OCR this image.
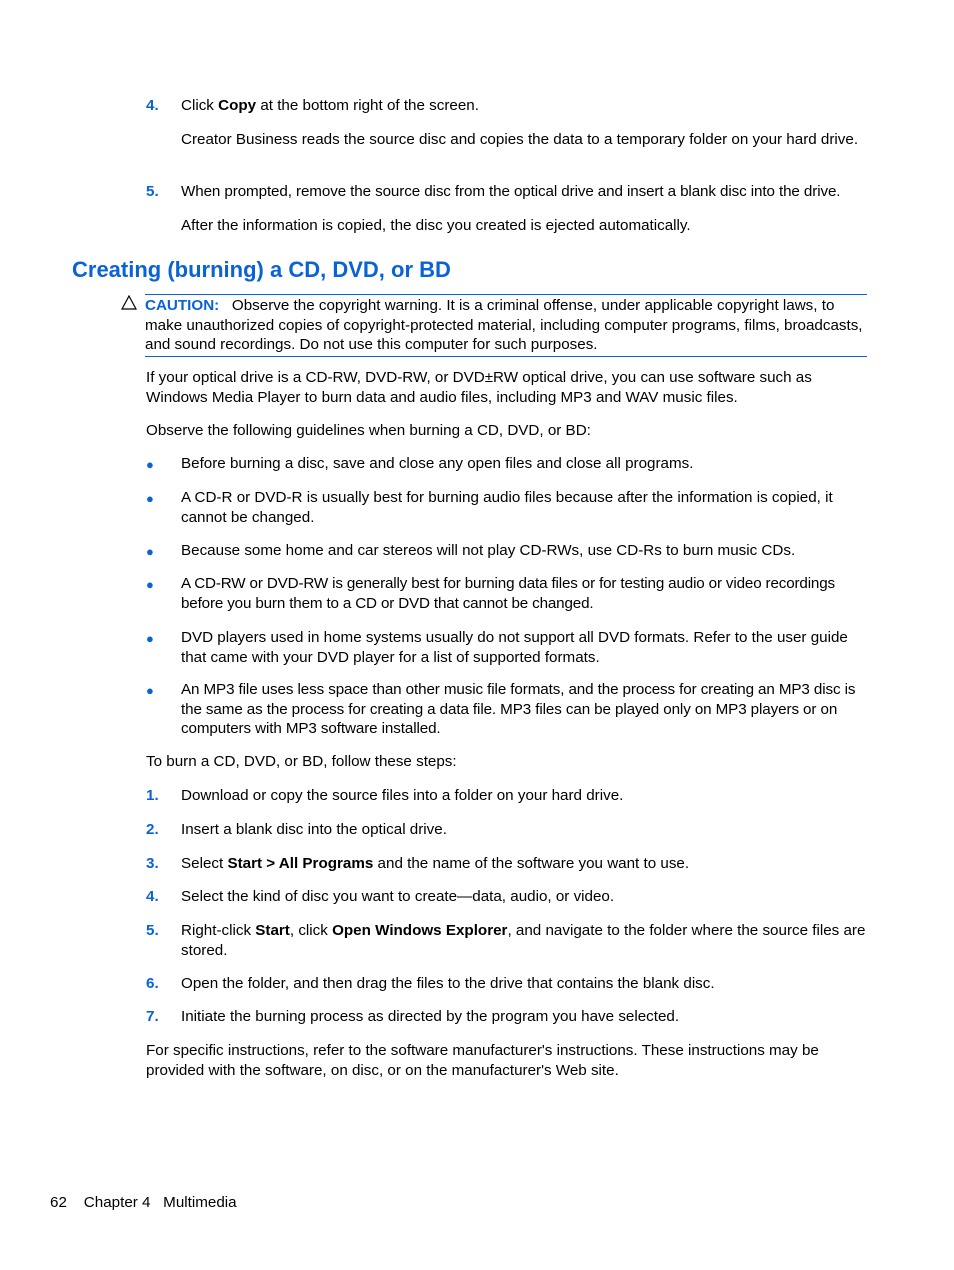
4. Click Copy at the bottom right of the screen.
Creator Business reads the source disc and copies the data to a temporary folder on your hard drive.
5. When prompted, remove the source disc from the optical drive and insert a blank disc into the drive.
After the information is copied, the disc you created is ejected automatically.
Creating (burning) a CD, DVD, or BD
CAUTION: Observe the copyright warning. It is a criminal offense, under applicable copyright laws, to make unauthorized copies of copyright-protected material, including computer programs, films, broadcasts, and sound recordings. Do not use this computer for such purposes.
If your optical drive is a CD-RW, DVD-RW, or DVD±RW optical drive, you can use software such as Windows Media Player to burn data and audio files, including MP3 and WAV music files.
Observe the following guidelines when burning a CD, DVD, or BD:
● Before burning a disc, save and close any open files and close all programs.
● A CD-R or DVD-R is usually best for burning audio files because after the information is copied, it cannot be changed.
● Because some home and car stereos will not play CD-RWs, use CD-Rs to burn music CDs.
● A CD-RW or DVD-RW is generally best for burning data files or for testing audio or video recordings before you burn them to a CD or DVD that cannot be changed.
● DVD players used in home systems usually do not support all DVD formats. Refer to the user guide that came with your DVD player for a list of supported formats.
● An MP3 file uses less space than other music file formats, and the process for creating an MP3 disc is the same as the process for creating a data file. MP3 files can be played only on MP3 players or on computers with MP3 software installed.
To burn a CD, DVD, or BD, follow these steps:
1. Download or copy the source files into a folder on your hard drive.
2. Insert a blank disc into the optical drive.
3. Select Start > All Programs and the name of the software you want to use.
4. Select the kind of disc you want to create—data, audio, or video.
5. Right-click Start, click Open Windows Explorer, and navigate to the folder where the source files are stored.
6. Open the folder, and then drag the files to the drive that contains the blank disc.
7. Initiate the burning process as directed by the program you have selected.
For specific instructions, refer to the software manufacturer's instructions. These instructions may be provided with the software, on disc, or on the manufacturer's Web site.
62 Chapter 4 Multimedia
